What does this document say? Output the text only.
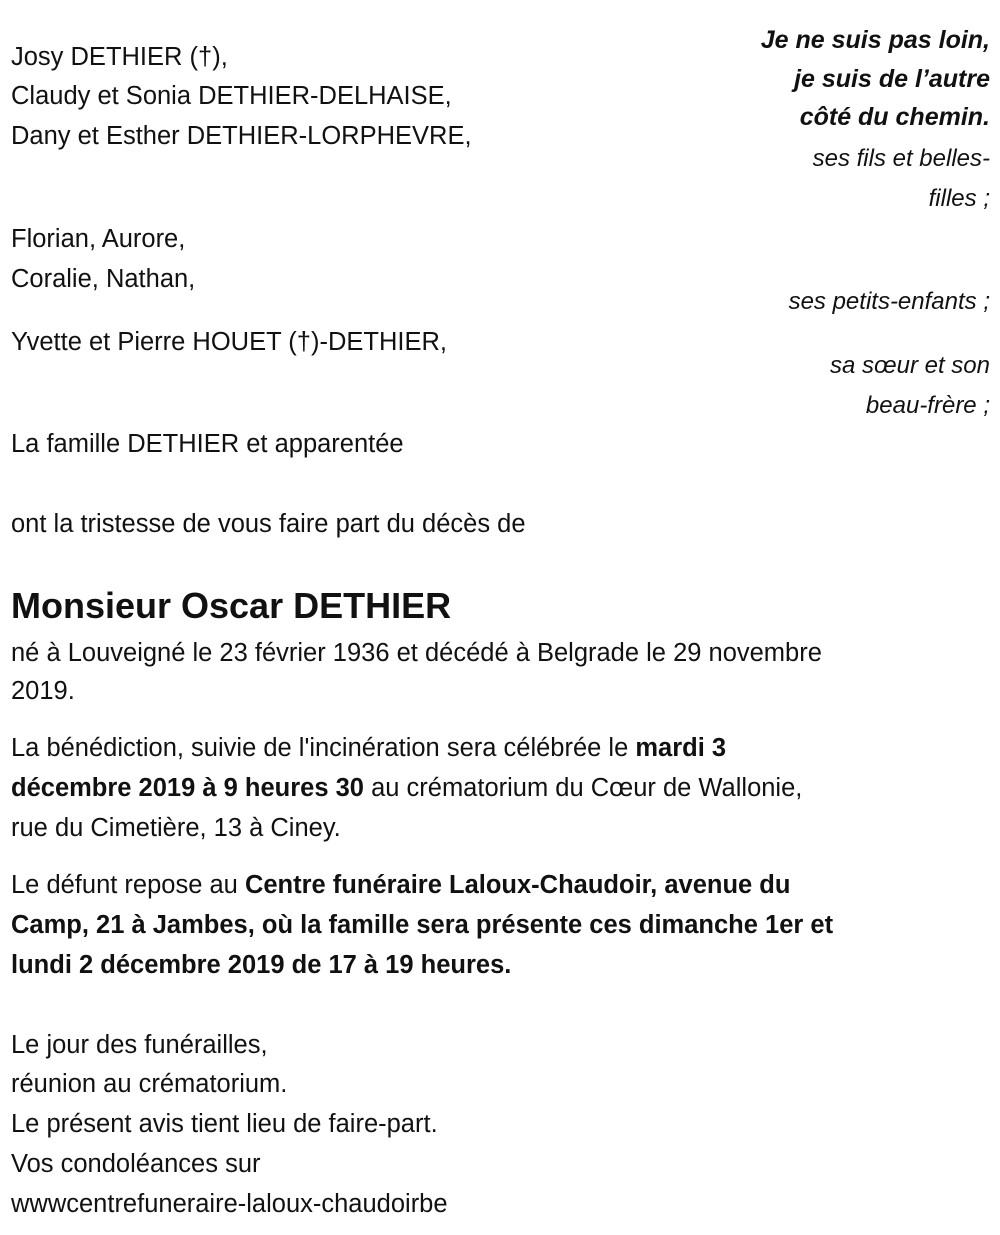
Josy DETHIER (†),
Claudy et Sonia DETHIER-DELHAISE,
Dany et Esther DETHIER-LORPHEVRE,
Florian, Aurore,
Coralie, Nathan,
Yvette et Pierre HOUET (†)-DETHIER,
La famille DETHIER et apparentée
Je ne suis pas loin,
je suis de l’autre
côté du chemin.
ses fils et belles-
filles ;
ses petits-enfants ;
sa sœur et son
beau-frère ;
ont la tristesse de vous faire part du décès de
Monsieur Oscar DETHIER
né à Louveigné le 23 février 1936 et décédé à Belgrade le 29 novembre
2019.
La bénédiction, suivie de l'incinération sera célébrée le mardi 3
décembre 2019 à 9 heures 30 au crématorium du Cœur de Wallonie,
rue du Cimetière, 13 à Ciney.
Le défunt repose au Centre funéraire Laloux-Chaudoir, avenue du
Camp, 21 à Jambes, où la famille sera présente ces dimanche 1er et
lundi 2 décembre 2019 de 17 à 19 heures.
Le jour des funérailles,
réunion au crématorium.
Le présent avis tient lieu de faire-part.
Vos condoléances sur
wwwcentrefuneraire-laloux-chaudoirbe
